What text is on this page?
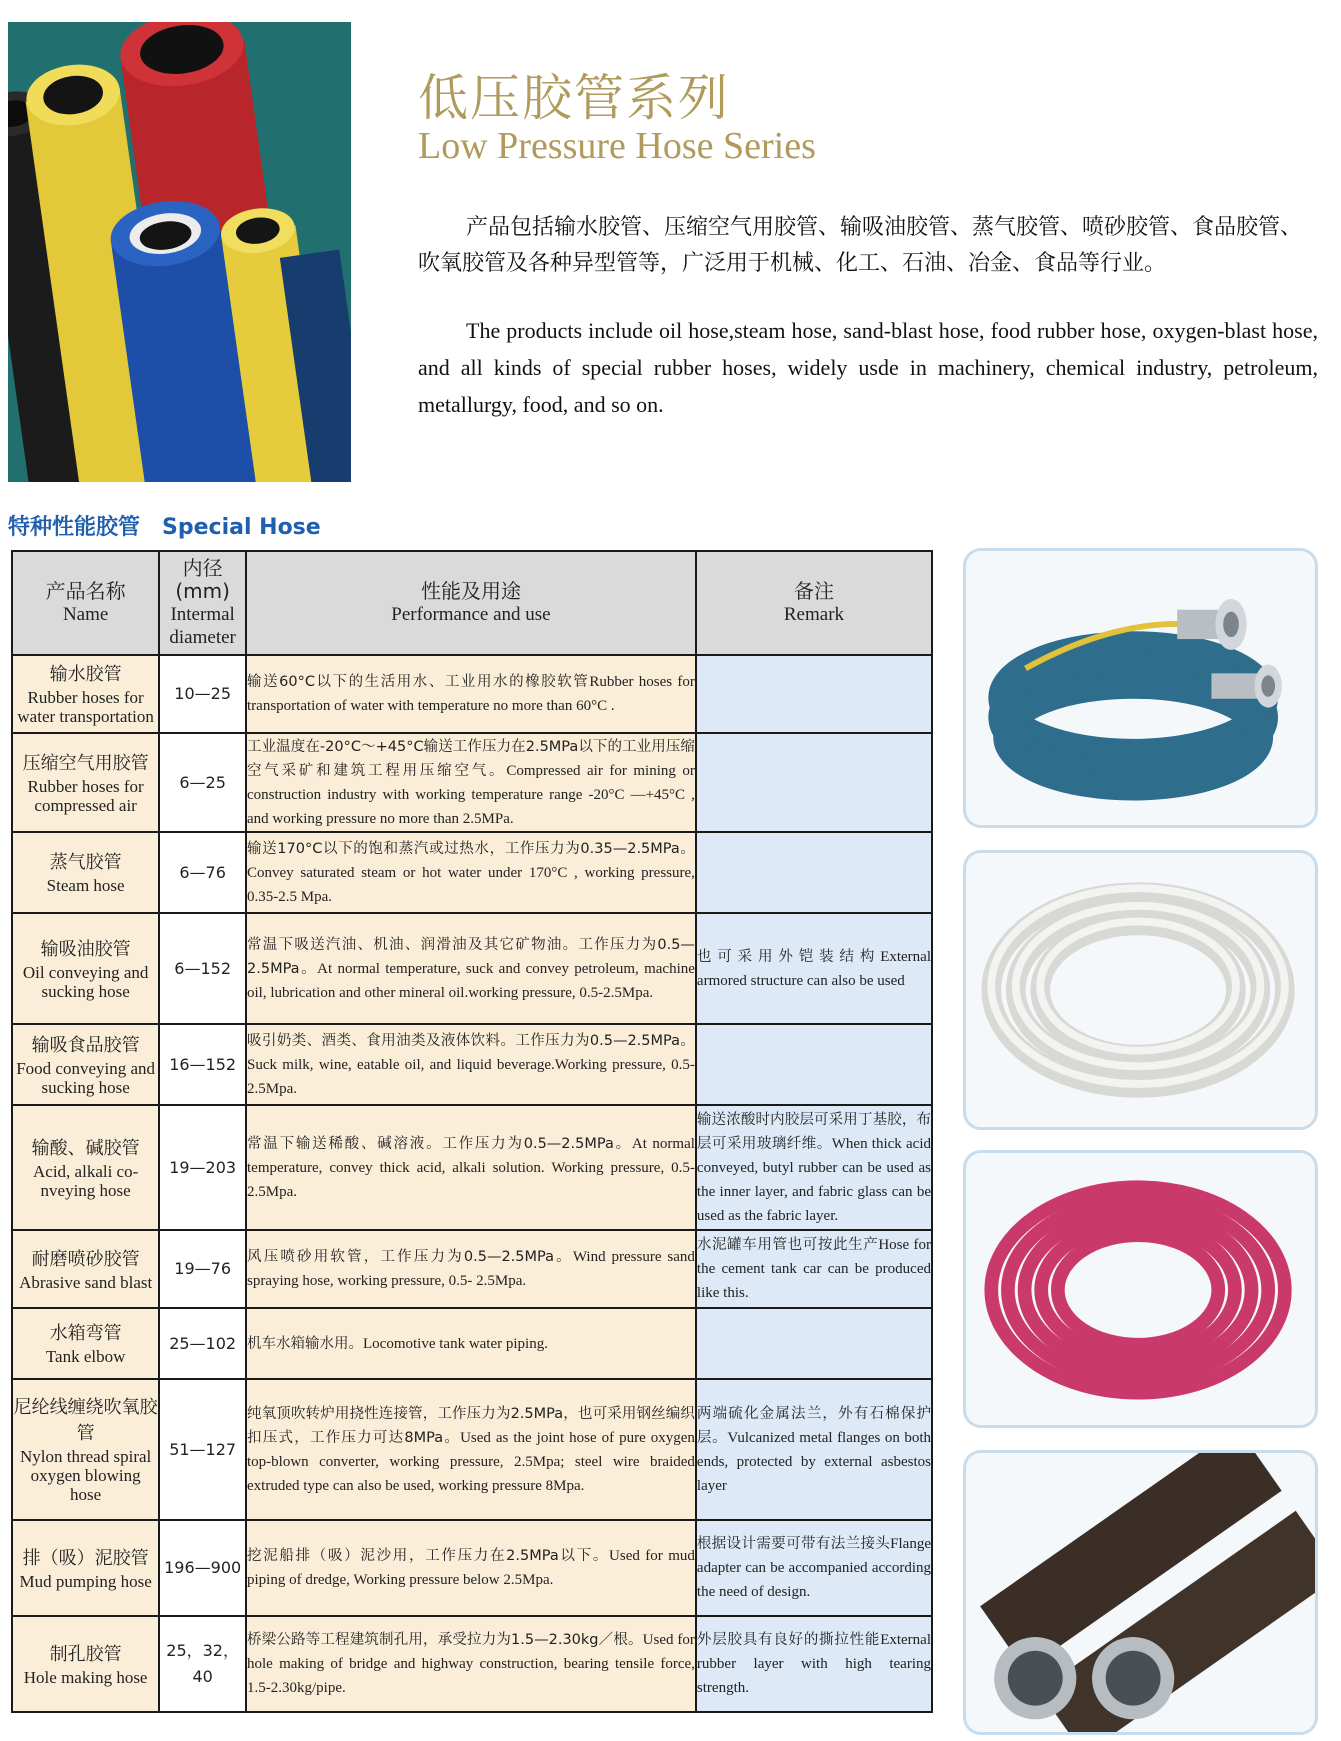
低压胶管系列
Low Pressure Hose Series

产品包括输水胶管、压缩空气用胶管、输吸油胶管、蒸气胶管、喷砂胶管、食品胶管、吹氧胶管及各种异型管等，广泛用于机械、化工、石油、冶金、食品等行业。

The products include oil hose,steam hose, sand-blast hose, food rubber hose, oxygen-blast hose, and all kinds of special rubber hoses, widely usde in machinery, chemical industry, petroleum, metallurgy, food, and so on.

特种性能胶管 Special Hose
产品名称
Name	内径
(mm)
Intermal diameter	性能及用途
Performance and use	备注
Remark

输水胶管
Rubber hoses for water transportation	10—25	输送60°C以下的生活用水、工业用水的橡胶软管Rubber hoses for transportation of water with temperature no more than 60°C .	

压缩空气用胶管
Rubber hoses for compressed air	6—25	工业温度在-20°C～+45°C输送工作压力在2.5MPa以下的工业用压缩空气采矿和建筑工程用压缩空气。Compressed air for mining or construction industry with working temperature range -20°C —+45°C , and working pressure no more than 2.5MPa.	

蒸气胶管
Steam hose	6—76	输送170°C以下的饱和蒸汽或过热水，工作压力为0.35—2.5MPa。Convey saturated steam or hot water under 170°C , working pressure, 0.35-2.5 Mpa.	

输吸油胶管
Oil conveying and sucking hose	6—152	常温下吸送汽油、机油、润滑油及其它矿物油。工作压力为0.5—2.5MPa。At normal temperature, suck and convey petroleum, machine oil, lubrication and other mineral oil.working pressure, 0.5-2.5Mpa.	也可采用外铠装结构External armored structure can also be used

输吸食品胶管
Food conveying and sucking hose	16—152	吸引奶类、酒类、食用油类及液体饮料。工作压力为0.5—2.5MPa。Suck milk, wine, eatable oil, and liquid beverage.Working pressure, 0.5- 2.5Mpa.	

输酸、碱胶管
Acid, alkali co-nveying hose	19—203	常温下输送稀酸、碱溶液。工作压力为0.5—2.5MPa。At normal temperature, convey thick acid, alkali solution. Working pressure, 0.5- 2.5Mpa.	输送浓酸时内胶层可采用丁基胶，布层可采用玻璃纤维。When thick acid conveyed, butyl rubber can be used as the inner layer, and fabric glass can be used as the fabric layer.

耐磨喷砂胶管
Abrasive sand blast	19—76	风压喷砂用软管，工作压力为0.5—2.5MPa。Wind pressure sand spraying hose, working pressure, 0.5- 2.5Mpa.	水泥罐车用管也可按此生产Hose for the cement tank car can be produced like this.

水箱弯管
Tank elbow	25—102	机车水箱输水用。Locomotive tank water piping.	

尼纶线缠绕吹氧胶管
Nylon thread spiral oxygen blowing hose	51—127	纯氧顶吹转炉用挠性连接管，工作压力为2.5MPa，也可采用钢丝编织扣压式，工作压力可达8MPa。Used as the joint hose of pure oxygen top-blown converter, working pressure, 2.5Mpa; steel wire braided extruded type can also be used, working pressure 8Mpa.	两端硫化金属法兰，外有石棉保护层。Vulcanized metal flanges on both ends, protected by external asbestos layer

排（吸）泥胶管
Mud pumping hose	196—900	挖泥船排（吸）泥沙用，工作压力在2.5MPa以下。Used for mud piping of dredge, Working pressure below 2.5Mpa.	根据设计需要可带有法兰接头Flange adapter can be accompanied according the need of design.

制孔胶管
Hole making hose	25，32，40	桥梁公路等工程建筑制孔用，承受拉力为1.5—2.30kg／根。Used for hole making of bridge and highway construction, bearing tensile force, 1.5-2.30kg/pipe.	外层胶具有良好的撕拉性能External rubber layer with high tearing strength.
